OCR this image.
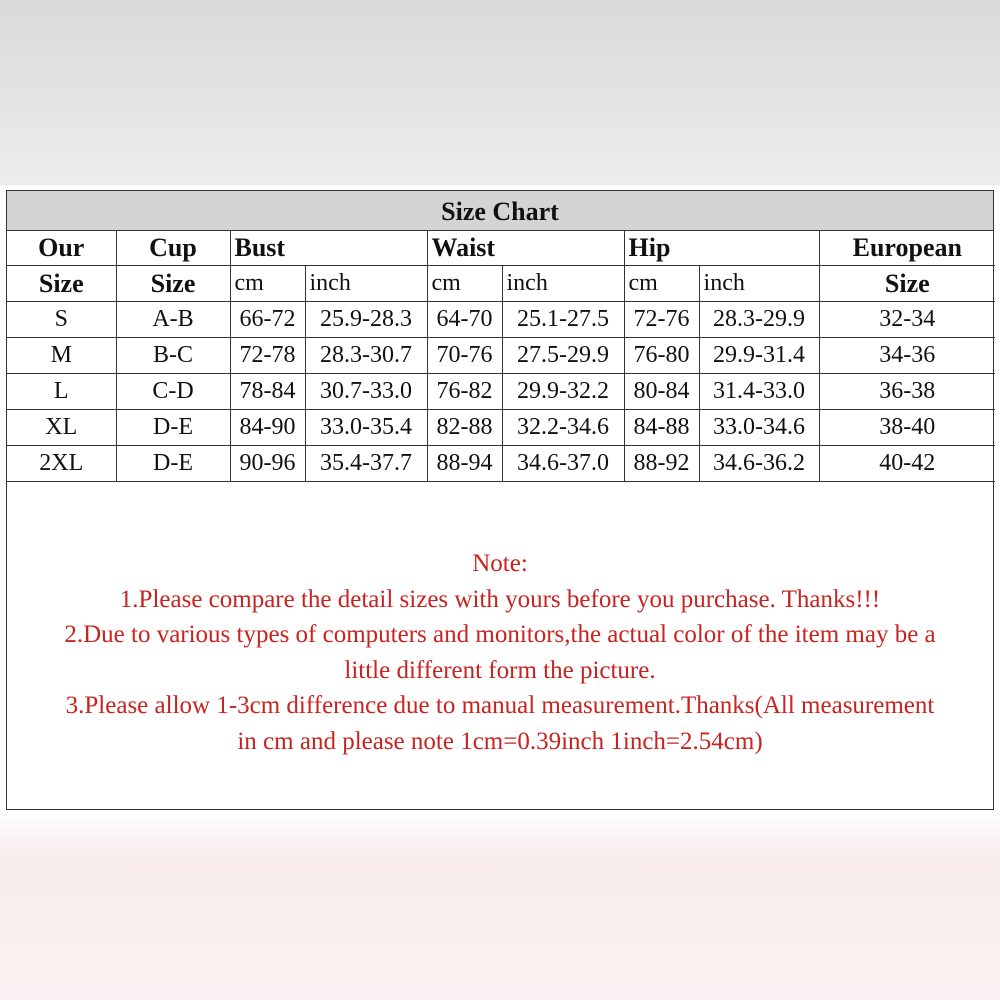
Size Chart
Our	Cup	Bust		Waist		Hip		European
Size	Size	cm	inch	cm	inch	cm	inch	Size
S	A-B	66-72	25.9-28.3	64-70	25.1-27.5	72-76	28.3-29.9	32-34
M	B-C	72-78	28.3-30.7	70-76	27.5-29.9	76-80	29.9-31.4	34-36
L	C-D	78-84	30.7-33.0	76-82	29.9-32.2	80-84	31.4-33.0	36-38
XL	D-E	84-90	33.0-35.4	82-88	32.2-34.6	84-88	33.0-34.6	38-40
2XL	D-E	90-96	35.4-37.7	88-94	34.6-37.0	88-92	34.6-36.2	40-42

Note:

1.Please compare the detail sizes with yours before you purchase. Thanks!!!

2.Due to various types of computers and monitors,the actual color of the item may be a

little different form the picture.

3.Please allow 1-3cm difference due to manual measurement.Thanks(All measurement

in cm and please note 1cm=0.39inch 1inch=2.54cm)
